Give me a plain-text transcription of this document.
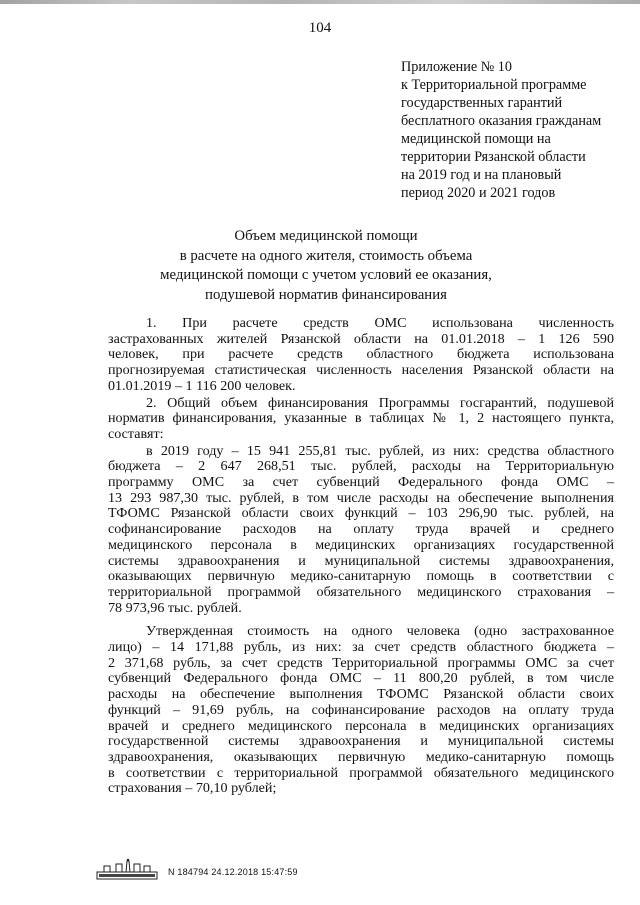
104
Приложение № 10
к Территориальной программе
государственных гарантий
бесплатного оказания гражданам
медицинской помощи на
территории Рязанской области
на 2019 год и на плановый
период 2020 и 2021 годов
Объем медицинской помощи
в расчете на одного жителя, стоимость объема
медицинской помощи с учетом условий ее оказания,
подушевой норматив финансирования
1. При расчете средств ОМС использована численность
застрахованных жителей Рязанской области на 01.01.2018 – 1 126 590
человек, при расчете средств областного бюджета использована
прогнозируемая статистическая численность населения Рязанской области на
01.01.2019 – 1 116 200 человек.
2. Общий объем финансирования Программы госгарантий, подушевой
норматив финансирования, указанные в таблицах № 1, 2 настоящего пункта,
составят:
в 2019 году – 15 941 255,81 тыс. рублей, из них: средства областного
бюджета – 2 647 268,51 тыс. рублей, расходы на Территориальную
программу ОМС за счет субвенций Федерального фонда ОМС –
13 293 987,30 тыс. рублей, в том числе расходы на обеспечение выполнения
ТФОМС Рязанской области своих функций – 103 296,90 тыс. рублей, на
софинансирование расходов на оплату труда врачей и среднего
медицинского персонала в медицинских организациях государственной
системы здравоохранения и муниципальной системы здравоохранения,
оказывающих первичную медико-санитарную помощь в соответствии с
территориальной программой обязательного медицинского страхования –
78 973,96 тыс. рублей.
Утвержденная стоимость на одного человека (одно застрахованное
лицо) – 14 171,88 рубль, из них: за счет средств областного бюджета –
2 371,68 рубль, за счет средств Территориальной программы ОМС за счет
субвенций Федерального фонда ОМС – 11 800,20 рублей, в том числе
расходы на обеспечение выполнения ТФОМС Рязанской области своих
функций – 91,69 рубль, на софинансирование расходов на оплату труда
врачей и среднего медицинского персонала в медицинских организациях
государственной системы здравоохранения и муниципальной системы
здравоохранения, оказывающих первичную медико-санитарную помощь
в соответствии с территориальной программой обязательного медицинского
страхования – 70,10 рублей;
N 184794 24.12.2018 15:47:59
